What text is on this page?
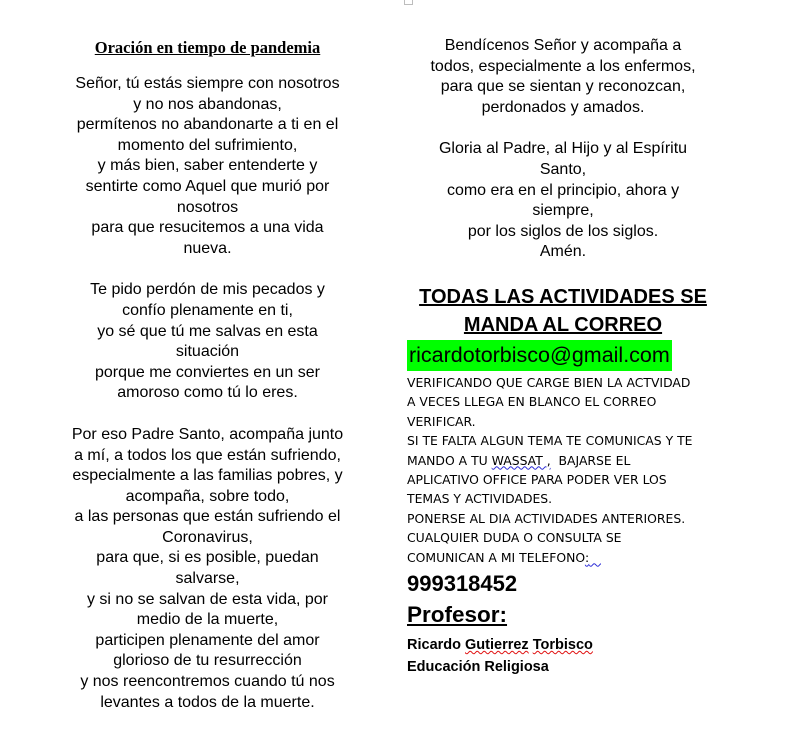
Oración en tiempo de pandemia
Señor, tú estás siempre con nosotros
y no nos abandonas,
permítenos no abandonarte a ti en el
momento del sufrimiento,
y más bien, saber entenderte y
sentirte como Aquel que murió por
nosotros
para que resucitemos a una vida
nueva.
Te pido perdón de mis pecados y
confío plenamente en ti,
yo sé que tú me salvas en esta
situación
porque me conviertes en un ser
amoroso como tú lo eres.
Por eso Padre Santo, acompaña junto
a mí, a todos los que están sufriendo,
especialmente a las familias pobres, y
acompaña, sobre todo,
a las personas que están sufriendo el
Coronavirus,
para que, si es posible, puedan
salvarse,
y si no se salvan de esta vida, por
medio de la muerte,
participen plenamente del amor
glorioso de tu resurrección
y nos reencontremos cuando tú nos
levantes a todos de la muerte.
Bendícenos Señor y acompaña a
todos, especialmente a los enfermos,
para que se sientan y reconozcan,
perdonados y amados.
Gloria al Padre, al Hijo y al Espíritu
Santo,
como era en el principio, ahora y
siempre,
por los siglos de los siglos.
Amén.
TODAS LAS ACTIVIDADES SE
MANDA AL CORREO
ricardotorbisco@gmail.com
VERIFICANDO QUE CARGE BIEN LA ACTVIDAD
A VECES LLEGA EN BLANCO EL CORREO
VERIFICAR.
SI TE FALTA ALGUN TEMA TE COMUNICAS Y TE
MANDO A TU WASSAT ,  BAJARSE EL
APLICATIVO OFFICE PARA PODER VER LOS
TEMAS Y ACTIVIDADES.
PONERSE AL DIA ACTIVIDADES ANTERIORES.
CUALQUIER DUDA O CONSULTA SE
COMUNICAN A MI TELEFONO:
999318452
Profesor:
Ricardo Gutierrez Torbisco
Educación Religiosa
